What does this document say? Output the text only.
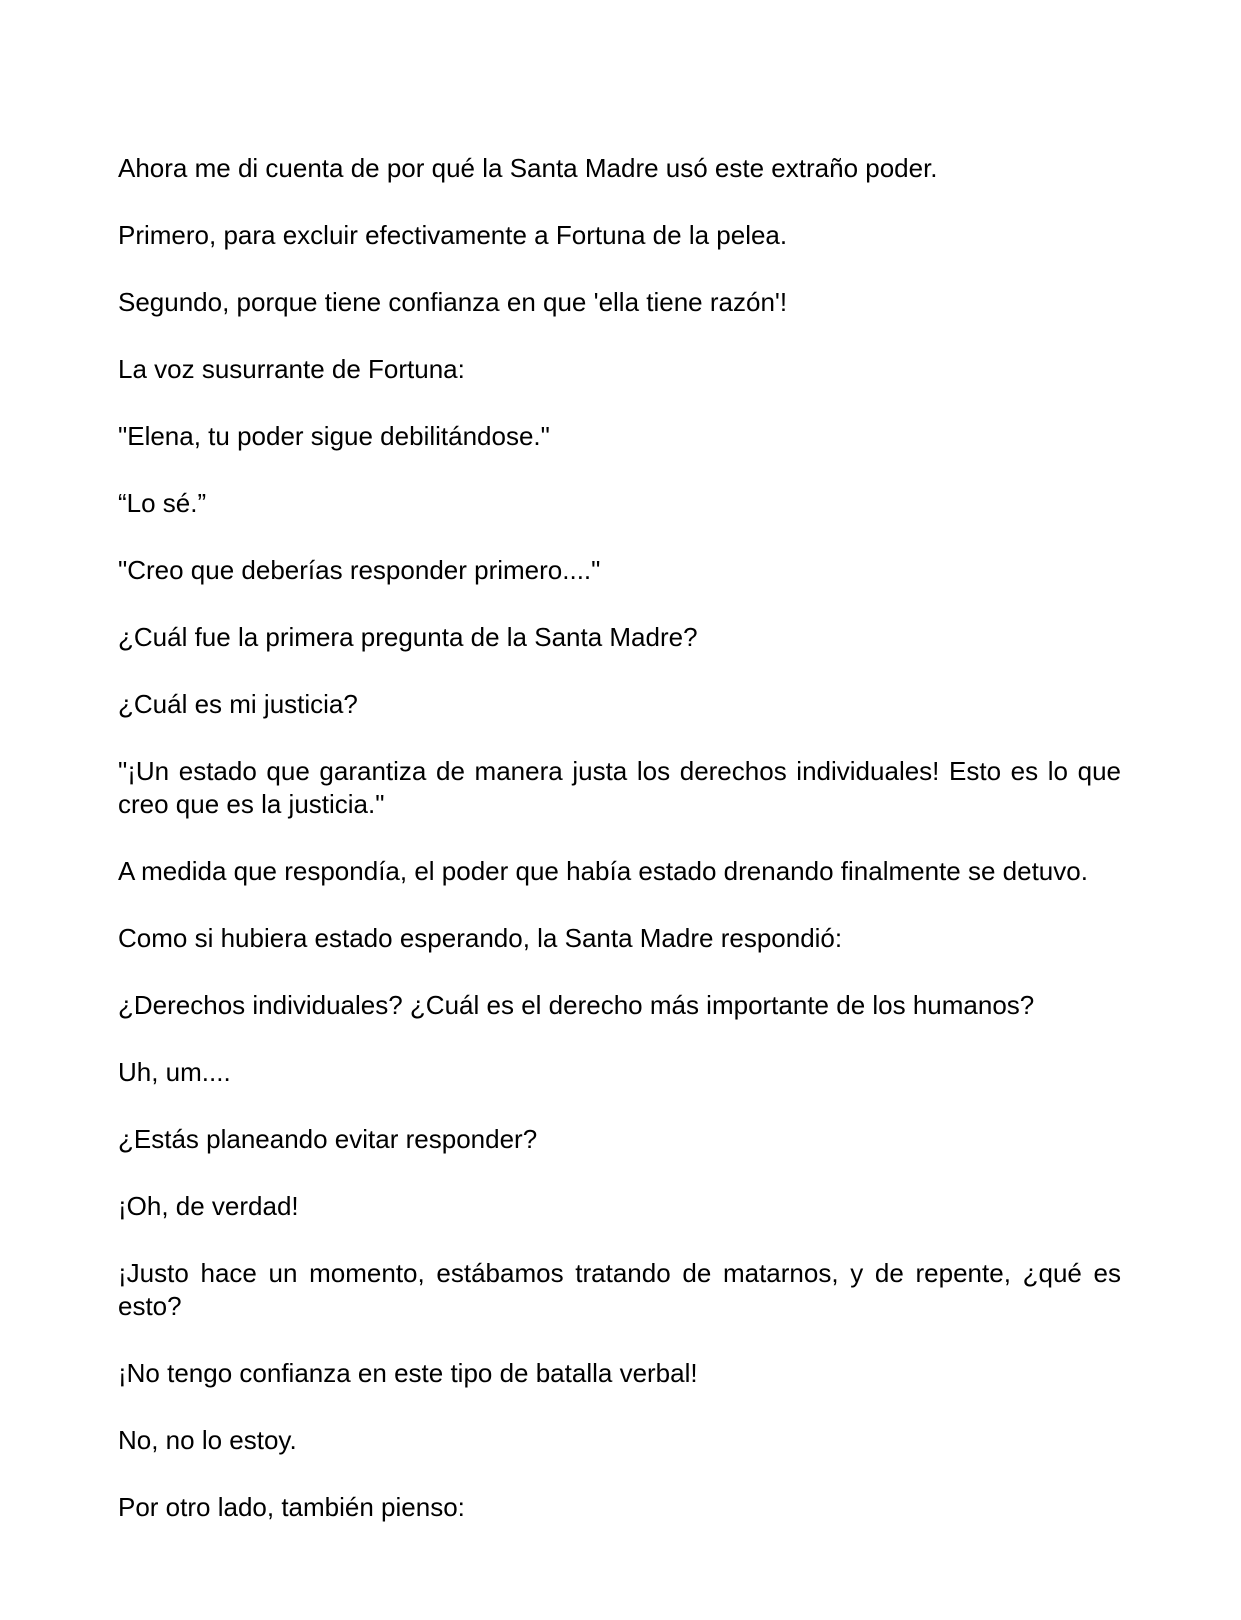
Ahora me di cuenta de por qué la Santa Madre usó este extraño poder.

Primero, para excluir efectivamente a Fortuna de la pelea.

Segundo, porque tiene confianza en que 'ella tiene razón'!

La voz susurrante de Fortuna:

"Elena, tu poder sigue debilitándose."

“Lo sé.”

"Creo que deberías responder primero...."

¿Cuál fue la primera pregunta de la Santa Madre?

¿Cuál es mi justicia?

"¡Un estado que garantiza de manera justa los derechos individuales! Esto es lo que creo que es la justicia."

A medida que respondía, el poder que había estado drenando finalmente se detuvo.

Como si hubiera estado esperando, la Santa Madre respondió:

¿Derechos individuales? ¿Cuál es el derecho más importante de los humanos?

Uh, um....

¿Estás planeando evitar responder?

¡Oh, de verdad!

¡Justo hace un momento, estábamos tratando de matarnos, y de repente, ¿qué es esto?

¡No tengo confianza en este tipo de batalla verbal!

No, no lo estoy.

Por otro lado, también pienso:
